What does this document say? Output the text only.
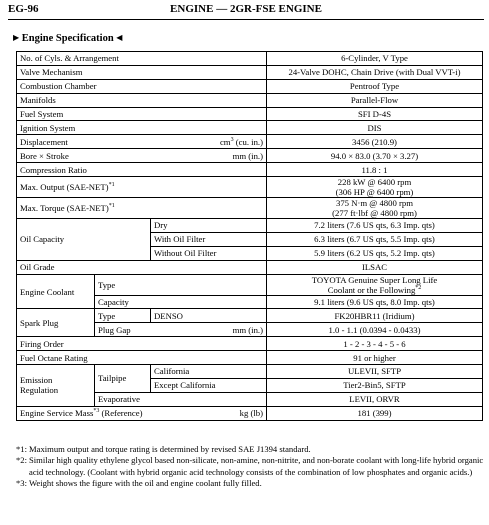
EG-96	ENGINE — 2GR-FSE ENGINE
▶ Engine Specification ◀
No. of Cyls. & Arrangement			6-Cylinder, V Type
Valve Mechanism			24-Valve DOHC, Chain Drive (with Dual VVT-i)
Combustion Chamber			Pentroof Type
Manifolds			Parallel-Flow
Fuel System			SFI D-4S
Ignition System			DIS

Displacement $cm^3$ (cu. in.)			3456 (210.9)

Bore × Stroke mm (in.)			94.0 × 83.0 (3.70 × 3.27)
Compression Ratio			11.8 : 1
Max. Output $(SAE-NET)^{*1}$			228 kW @ 6400 rpm
(306 HP @ 6400 rpm)

Max. Torque $(SAE-NET)^{*1}$			375 N·m @ 4800 rpm
(277 ft·lbf @ 4800 rpm)

Oil Capacity		Dry	7.2 liters (7.6 US qts, 6.3 Imp. qts)
		With Oil Filter	6.3 liters (6.7 US qts, 5.5 Imp. qts)
		Without Oil Filter	5.9 liters (6.2 US qts, 5.2 Imp. qts)
Oil Grade			ILSAC
Engine Coolant	Type		TOYOTA Genuine Super Long Life
Coolant or the Following$^{*2}$

	Capacity		9.1 liters (9.6 US qts, 8.0 Imp. qts)
Spark Plug	Type	DENSO	FK20HBR11 (Iridium)

	Plug Gap mm (in.)		1.0 - 1.1 (0.0394 - 0.0433)
Firing Order			1 - 2 - 3 - 4 - 5 - 6
Fuel Octane Rating			91 or higher

Emission
Regulation	Tailpipe	California	ULEVII, SFTP
		Except California	Tier2-Bin5, SFTP
	Evaporative		LEVII, ORVR

Engine Service Mass$^{*3}$ (Reference) kg (lb)			181 (399)
*1: Maximum output and torque rating is determined by revised SAE J1394 standard.
*2: Similar high quality ethylene glycol based non-silicate, non-amine, non-nitrite, and non-borate coolant with long-life hybrid organic acid technology. (Coolant with hybrid organic acid technology consists of the combination of low phosphates and organic acids.)
*3: Weight shows the figure with the oil and engine coolant fully filled.
